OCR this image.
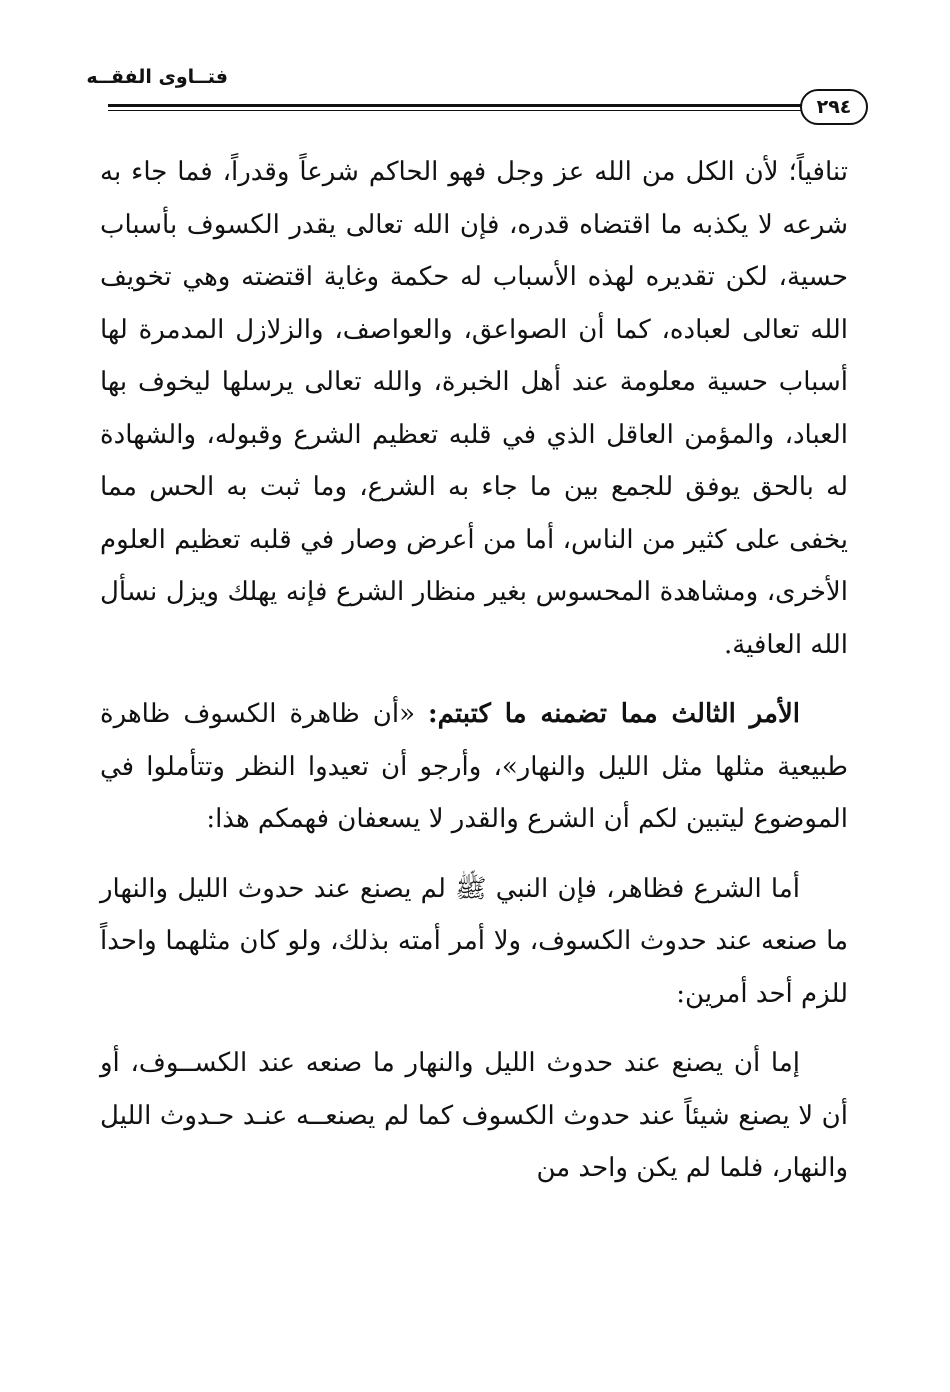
فتــاوى الفقــه
٢٩٤

تنافياً؛ لأن الكل من الله عز وجل فهو الحاكم شرعاً وقدراً، فما جاء به شرعه لا يكذبه ما اقتضاه قدره، فإن الله تعالى يقدر الكسوف بأسباب حسية، لكن تقديره لهذه الأسباب له حكمة وغاية اقتضته وهي تخويف الله تعالى لعباده، كما أن الصواعق، والعواصف، والزلازل المدمرة لها أسباب حسية معلومة عند أهل الخبرة، والله تعالى يرسلها ليخوف بها العباد، والمؤمن العاقل الذي في قلبه تعظيم الشرع وقبوله، والشهادة له بالحق يوفق للجمع بين ما جاء به الشرع، وما ثبت به الحس مما يخفى على كثير من الناس، أما من أعرض وصار في قلبه تعظيم العلوم الأخرى، ومشاهدة المحسوس بغير منظار الشرع فإنه يهلك ويزل نسأل الله العافية.

الأمر الثالث مما تضمنه ما كتبتم: «أن ظاهرة الكسوف ظاهرة طبيعية مثلها مثل الليل والنهار»، وأرجو أن تعيدوا النظر وتتأملوا في الموضوع ليتبين لكم أن الشرع والقدر لا يسعفان فهمكم هذا:

أما الشرع فظاهر، فإن النبي ﷺ لم يصنع عند حدوث الليل والنهار ما صنعه عند حدوث الكسوف، ولا أمر أمته بذلك، ولو كان مثلهما واحداً للزم أحد أمرين:

إما أن يصنع عند حدوث الليل والنهار ما صنعه عند الكســوف، أو أن لا يصنع شيئاً عند حدوث الكسوف كما لم يصنعــه عنـد حـدوث الليل والنهار، فلما لم يكن واحد من
